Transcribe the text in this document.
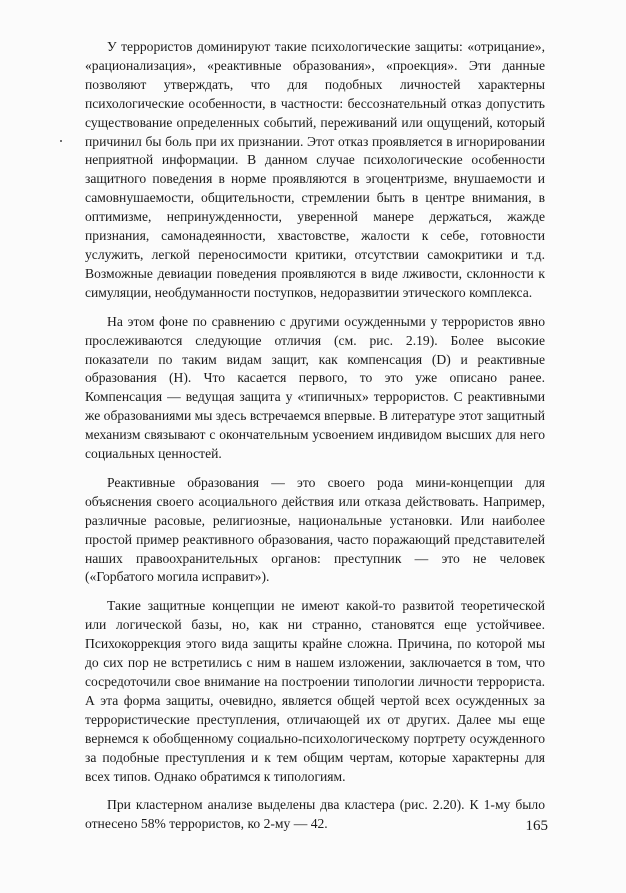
У террористов доминируют такие психологические защиты: «отрицание», «рационализация», «реактивные образования», «проекция». Эти данные позволяют утверждать, что для подобных личностей характерны психологические особенности, в частности: бессознательный отказ допустить существование определенных событий, переживаний или ощущений, который причинил бы боль при их признании. Этот отказ проявляется в игнорировании неприятной информации. В данном случае психологические особенности защитного поведения в норме проявляются в эгоцентризме, внушаемости и самовнушаемости, общительности, стремлении быть в центре внимания, в оптимизме, непринужденности, уверенной манере держаться, жажде признания, самонадеянности, хвастовстве, жалости к себе, готовности услужить, легкой переносимости критики, отсутствии самокритики и т.д. Возможные девиации поведения проявляются в виде лживости, склонности к симуляции, необдуманности поступков, недоразвитии этического комплекса.

На этом фоне по сравнению с другими осужденными у террористов явно прослеживаются следующие отличия (см. рис. 2.19). Более высокие показатели по таким видам защит, как компенсация (D) и реактивные образования (Н). Что касается первого, то это уже описано ранее. Компенсация — ведущая защита у «типичных» террористов. С реактивными же образованиями мы здесь встречаемся впервые. В литературе этот защитный механизм связывают с окончательным усвоением индивидом высших для него социальных ценностей.

Реактивные образования — это своего рода мини-концепции для объяснения своего асоциального действия или отказа действовать. Например, различные расовые, религиозные, национальные установки. Или наиболее простой пример реактивного образования, часто поражающий представителей наших правоохранительных органов: преступник — это не человек («Горбатого могила исправит»).

Такие защитные концепции не имеют какой-то развитой теоретической или логической базы, но, как ни странно, становятся еще устойчивее. Психокоррекция этого вида защиты крайне сложна. Причина, по которой мы до сих пор не встретились с ним в нашем изложении, заключается в том, что сосредоточили свое внимание на построении типологии личности террориста. А эта форма защиты, очевидно, является общей чертой всех осужденных за террористические преступления, отличающей их от других. Далее мы еще вернемся к обобщенному социально-психологическому портрету осужденного за подобные преступления и к тем общим чертам, которые характерны для всех типов. Однако обратимся к типологиям.

При кластерном анализе выделены два кластера (рис. 2.20). К 1-му было отнесено 58% террористов, ко 2-му — 42.	165
